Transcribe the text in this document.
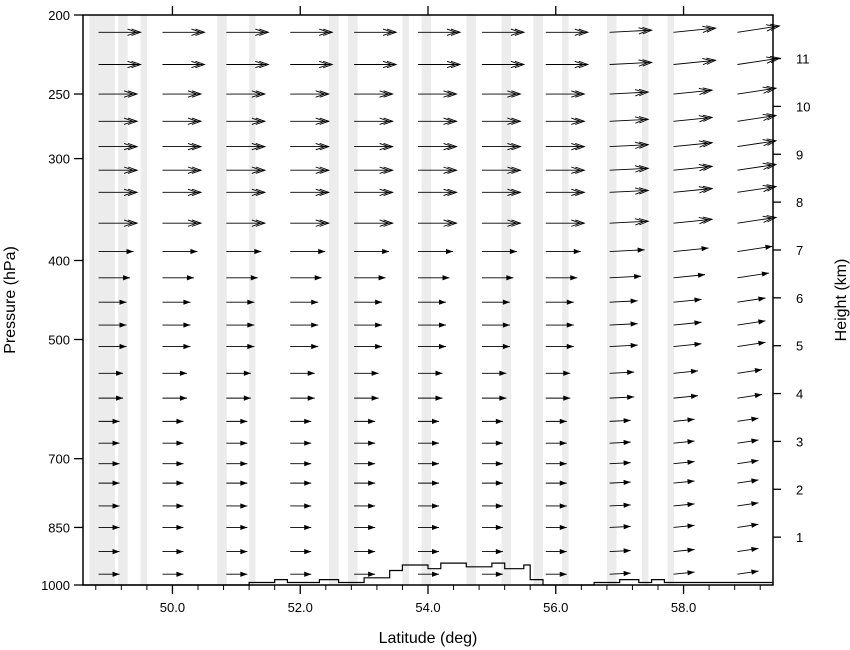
50.0	52.0	54.0	56.0	58.0
200
250
300
400
500
700
850
1000
1
2
3
4
5
6
7
8
9
10
11
Latitude (deg)
Pressure (hPa)	Height (km)
